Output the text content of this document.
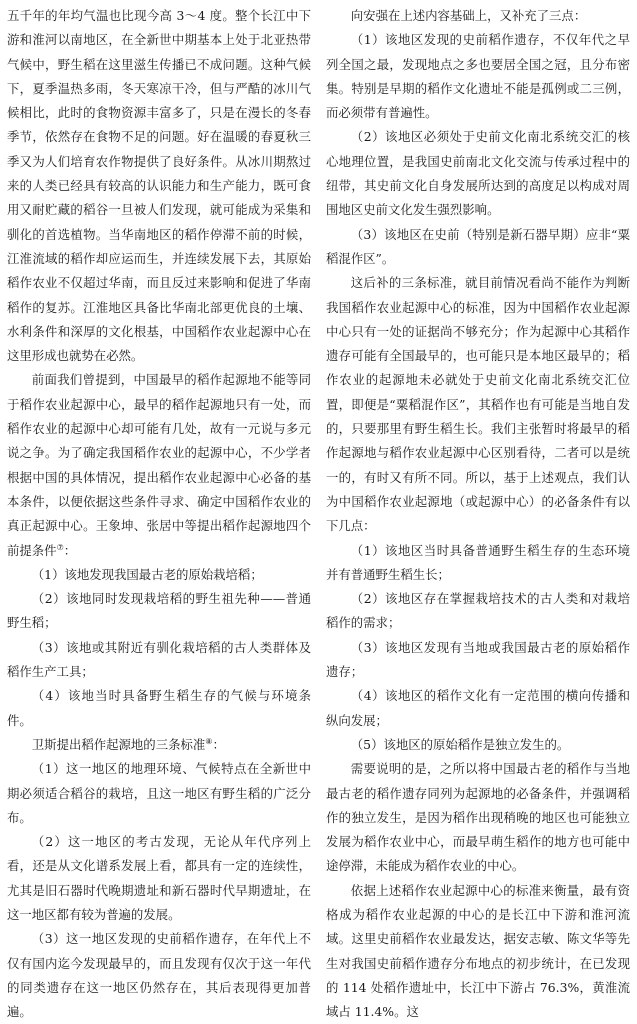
五千年的年均气温也比现今高 3～4 度。整个长江中下游和淮河以南地区，在全新世中期基本上处于北亚热带气候中，野生稻在这里滋生传播已不成问题。这种气候下，夏季温热多雨，冬天寒凉干冷，但与严酷的冰川气候相比，此时的食物资源丰富多了，只是在漫长的冬春季节，依然存在食物不足的问题。好在温暖的春夏秋三季又为人们培育农作物提供了良好条件。从冰川期熬过来的人类已经具有较高的认识能力和生产能力，既可食用又耐贮藏的稻谷一旦被人们发现，就可能成为采集和驯化的首选植物。当华南地区的稻作停滞不前的时候，江淮流域的稻作却应运而生，并连续发展下去，其原始稻作农业不仅超过华南，而且反过来影响和促进了华南稻作的复苏。江淮地区具备比华南北部更优良的土壤、水利条件和深厚的文化根基，中国稻作农业起源中心在这里形成也就势在必然。

前面我们曾提到，中国最早的稻作起源地不能等同于稻作农业起源中心，最早的稻作起源地只有一处，而稻作农业的起源中心却可能有几处，故有一元说与多元说之争。为了确定我国稻作农业的起源中心，不少学者根据中国的具体情况，提出稻作农业起源中心必备的基本条件，以便依据这些条件寻求、确定中国稻作农业的真正起源中心。王象坤、张居中等提出稻作起源地四个前提条件⑦：

（1）该地发现我国最古老的原始栽培稻；

（2）该地同时发现栽培稻的野生祖先种——普通野生稻；

（3）该地或其附近有驯化栽培稻的古人类群体及稻作生产工具；

（4）该地当时具备野生稻生存的气候与环境条件。

卫斯提出稻作起源地的三条标准⑧：

（1）这一地区的地理环境、气候特点在全新世中期必须适合稻谷的栽培，且这一地区有野生稻的广泛分布。

（2）这一地区的考古发现，无论从年代序列上看，还是从文化谱系发展上看，都具有一定的连续性，尤其是旧石器时代晚期遗址和新石器时代早期遗址，在这一地区都有较为普遍的发展。

（3）这一地区发现的史前稻作遗存，在年代上不仅有国内迄今发现最早的，而且发现有仅次于这一年代的同类遗存在这一地区仍然存在，其后表现得更加普遍。

向安强在上述内容基础上，又补充了三点：

（1）该地区发现的史前稻作遗存，不仅年代之早列全国之最，发现地点之多也要居全国之冠，且分布密集。特别是早期的稻作文化遗址不能是孤例或二三例，而必须带有普遍性。

（2）该地区必须处于史前文化南北系统交汇的核心地理位置，是我国史前南北文化交流与传承过程中的纽带，其史前文化自身发展所达到的高度足以构成对周围地区史前文化发生强烈影响。

（3）该地区在史前（特别是新石器早期）应非“粟稻混作区”。

这后补的三条标准，就目前情况看尚不能作为判断我国稻作农业起源中心的标准，因为中国稻作农业起源中心只有一处的证据尚不够充分；作为起源中心其稻作遗存可能有全国最早的，也可能只是本地区最早的；稻作农业的起源地未必就处于史前文化南北系统交汇位置，即便是“粟稻混作区”，其稻作也有可能是当地自发的，只要那里有野生稻生长。我们主张暂时将最早的稻作起源地与稻作农业起源中心区别看待，二者可以是统一的，有时又有所不同。所以，基于上述观点，我们认为中国稻作农业起源地（或起源中心）的必备条件有以下几点：

（1）该地区当时具备普通野生稻生存的生态环境并有普通野生稻生长；

（2）该地区存在掌握栽培技术的古人类和对栽培稻作的需求；

（3）该地区发现有当地或我国最古老的原始稻作遗存；

（4）该地区的稻作文化有一定范围的横向传播和纵向发展；

（5）该地区的原始稻作是独立发生的。

需要说明的是，之所以将中国最古老的稻作与当地最古老的稻作遗存同列为起源地的必备条件，并强调稻作的独立发生，是因为稻作出现稍晚的地区也可能独立发展为稻作农业中心，而最早萌生稻作的地方也可能中途停滞，未能成为稻作农业的中心。

依据上述稻作农业起源中心的标准来衡量，最有资格成为稻作农业起源的中心的是长江中下游和淮河流域。这里史前稻作农业最发达，据安志敏、陈文华等先生对我国史前稻作遗存分布地点的初步统计，在已发现的 114 处稻作遗址中，长江中下游占 76.3%，黄淮流域占 11.4%。这
